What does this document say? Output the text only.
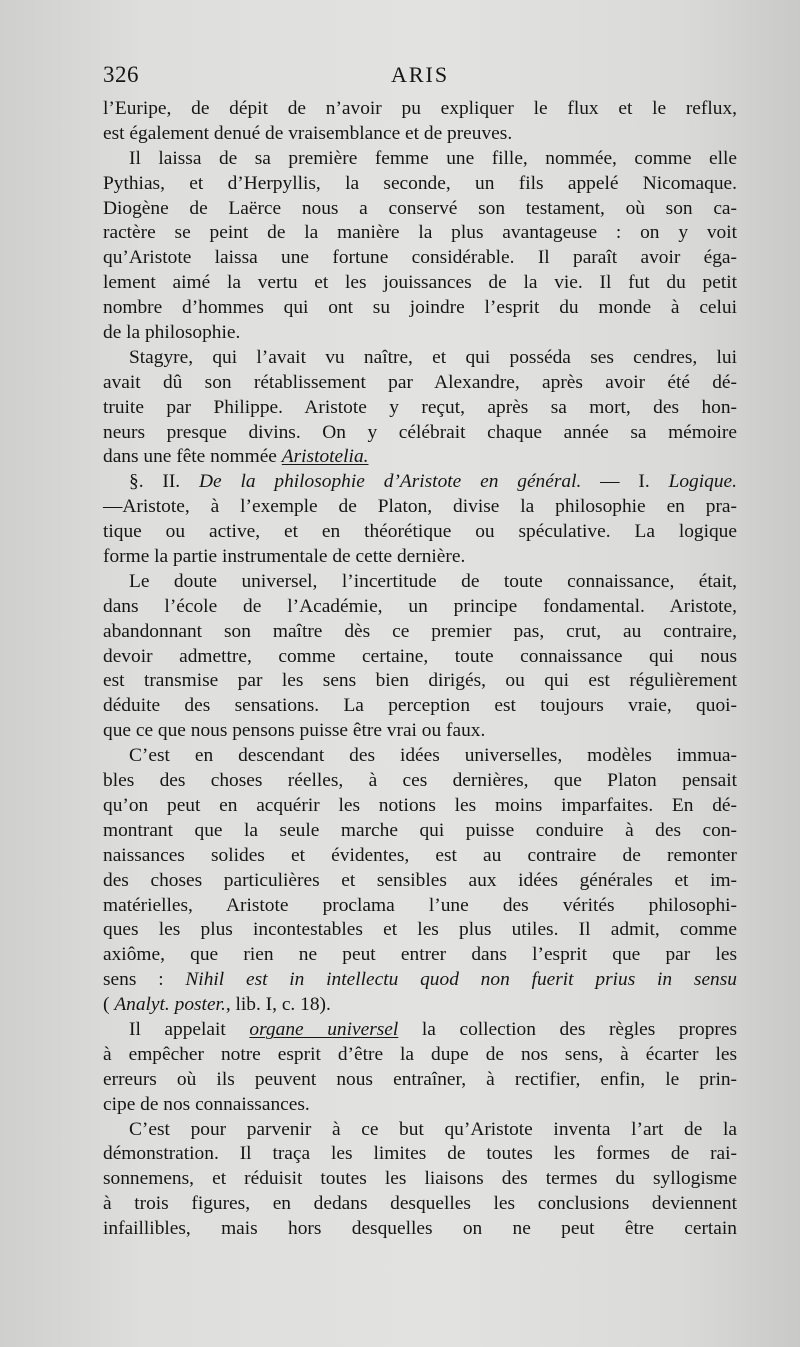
326	ARIS
l’Euripe, de dépit de n’avoir pu expliquer le flux et le reflux,
est également denué de vraisemblance et de preuves.
Il laissa de sa première femme une fille, nommée, comme elle
Pythias, et d’Herpyllis, la seconde, un fils appelé Nicomaque.
Diogène de Laërce nous a conservé son testament, où son ca-
ractère se peint de la manière la plus avantageuse : on y voit
qu’Aristote laissa une fortune considérable. Il paraît avoir éga-
lement aimé la vertu et les jouissances de la vie. Il fut du petit
nombre d’hommes qui ont su joindre l’esprit du monde à celui
de la philosophie.
Stagyre, qui l’avait vu naître, et qui posséda ses cendres, lui
avait dû son rétablissement par Alexandre, après avoir été dé-
truite par Philippe. Aristote y reçut, après sa mort, des hon-
neurs presque divins. On y célébrait chaque année sa mémoire
dans une fête nommée Aristotelia.
§. II. De la philosophie d’Aristote en général. — I. Logique.
—Aristote, à l’exemple de Platon, divise la philosophie en pra-
tique ou active, et en théorétique ou spéculative. La logique
forme la partie instrumentale de cette dernière.
Le doute universel, l’incertitude de toute connaissance, était,
dans l’école de l’Académie, un principe fondamental. Aristote,
abandonnant son maître dès ce premier pas, crut, au contraire,
devoir admettre, comme certaine, toute connaissance qui nous
est transmise par les sens bien dirigés, ou qui est régulièrement
déduite des sensations. La perception est toujours vraie, quoi-
que ce que nous pensons puisse être vrai ou faux.
C’est en descendant des idées universelles, modèles immua-
bles des choses réelles, à ces dernières, que Platon pensait
qu’on peut en acquérir les notions les moins imparfaites. En dé-
montrant que la seule marche qui puisse conduire à des con-
naissances solides et évidentes, est au contraire de remonter
des choses particulières et sensibles aux idées générales et im-
matérielles, Aristote proclama l’une des vérités philosophi-
ques les plus incontestables et les plus utiles. Il admit, comme
axiôme, que rien ne peut entrer dans l’esprit que par les
sens : Nihil est in intellectu quod non fuerit prius in sensu
( Analyt. poster., lib. I, c. 18).
Il appelait organe universel la collection des règles propres
à empêcher notre esprit d’être la dupe de nos sens, à écarter les
erreurs où ils peuvent nous entraîner, à rectifier, enfin, le prin-
cipe de nos connaissances.
C’est pour parvenir à ce but qu’Aristote inventa l’art de la
démonstration. Il traça les limites de toutes les formes de rai-
sonnemens, et réduisit toutes les liaisons des termes du syllogisme
à trois figures, en dedans desquelles les conclusions deviennent
infaillibles, mais hors desquelles on ne peut être certain
